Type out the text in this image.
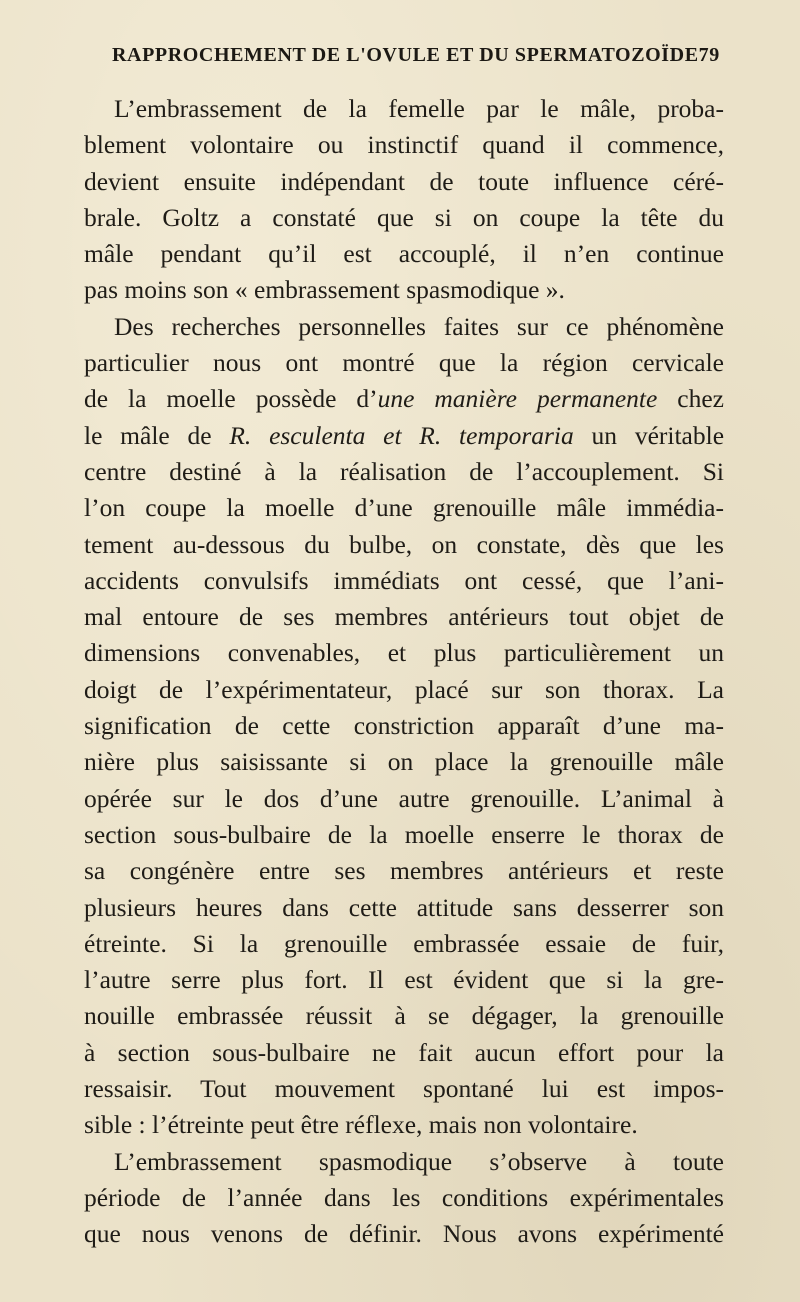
RAPPROCHEMENT DE L'OVULE ET DU SPERMATOZOÏDE 79
L’embrassement de la femelle par le mâle, proba-
blement volontaire ou instinctif quand il commence,
devient ensuite indépendant de toute influence céré-
brale. Goltz a constaté que si on coupe la tête du
mâle pendant qu’il est accouplé, il n’en continue
pas moins son « embrassement spasmodique ».
Des recherches personnelles faites sur ce phénomène
particulier nous ont montré que la région cervicale
de la moelle possède d’une manière permanente chez
le mâle de R. esculenta et R. temporaria un véritable
centre destiné à la réalisation de l’accouplement. Si
l’on coupe la moelle d’une grenouille mâle immédia-
tement au-dessous du bulbe, on constate, dès que les
accidents convulsifs immédiats ont cessé, que l’ani-
mal entoure de ses membres antérieurs tout objet de
dimensions convenables, et plus particulièrement un
doigt de l’expérimentateur, placé sur son thorax. La
signification de cette constriction apparaît d’une ma-
nière plus saisissante si on place la grenouille mâle
opérée sur le dos d’une autre grenouille. L’animal à
section sous-bulbaire de la moelle enserre le thorax de
sa congénère entre ses membres antérieurs et reste
plusieurs heures dans cette attitude sans desserrer son
étreinte. Si la grenouille embrassée essaie de fuir,
l’autre serre plus fort. Il est évident que si la gre-
nouille embrassée réussit à se dégager, la grenouille
à section sous-bulbaire ne fait aucun effort pour la
ressaisir. Tout mouvement spontané lui est impos-
sible : l’étreinte peut être réflexe, mais non volontaire.
L’embrassement spasmodique s’observe à toute
période de l’année dans les conditions expérimentales
que nous venons de définir. Nous avons expérimenté
